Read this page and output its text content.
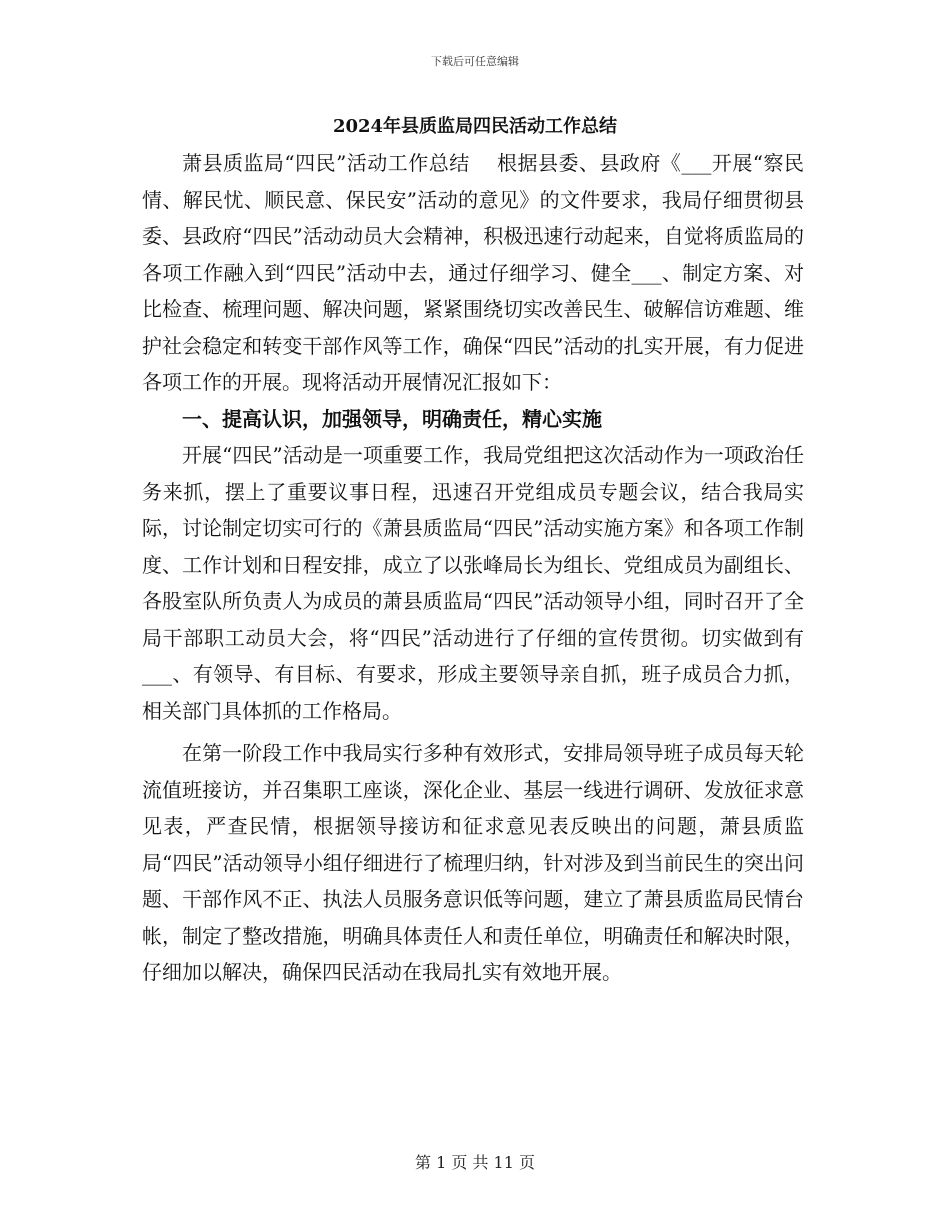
下载后可任意编辑
2024年县质监局四民活动工作总结

萧县质监局“四民”活动工作总结　 根据县委、县政府《___开展“察民情、解民忧、顺民意、保民安”活动的意见》的文件要求，我局仔细贯彻县委、县政府“四民”活动动员大会精神，积极迅速行动起来，自觉将质监局的各项工作融入到“四民”活动中去，通过仔细学习、健全___、制定方案、对比检查、梳理问题、解决问题，紧紧围绕切实改善民生、破解信访难题、维护社会稳定和转变干部作风等工作，确保“四民”活动的扎实开展，有力促进各项工作的开展。现将活动开展情况汇报如下：

一、提高认识，加强领导，明确责任，精心实施

开展“四民”活动是一项重要工作，我局党组把这次活动作为一项政治任务来抓，摆上了重要议事日程，迅速召开党组成员专题会议，结合我局实际，讨论制定切实可行的《萧县质监局“四民”活动实施方案》和各项工作制度、工作计划和日程安排，成立了以张峰局长为组长、党组成员为副组长、各股室队所负责人为成员的萧县质监局“四民”活动领导小组，同时召开了全局干部职工动员大会，将“四民”活动进行了仔细的宣传贯彻。切实做到有___、有领导、有目标、有要求，形成主要领导亲自抓，班子成员合力抓，相关部门具体抓的工作格局。

在第一阶段工作中我局实行多种有效形式，安排局领导班子成员每天轮流值班接访，并召集职工座谈，深化企业、基层一线进行调研、发放征求意见表，严查民情，根据领导接访和征求意见表反映出的问题，萧县质监局“四民”活动领导小组仔细进行了梳理归纳，针对涉及到当前民生的突出问题、干部作风不正、执法人员服务意识低等问题，建立了萧县质监局民情台帐，制定了整改措施，明确具体责任人和责任单位，明确责任和解决时限，仔细加以解决，确保四民活动在我局扎实有效地开展。

第 1 页 共 11 页
